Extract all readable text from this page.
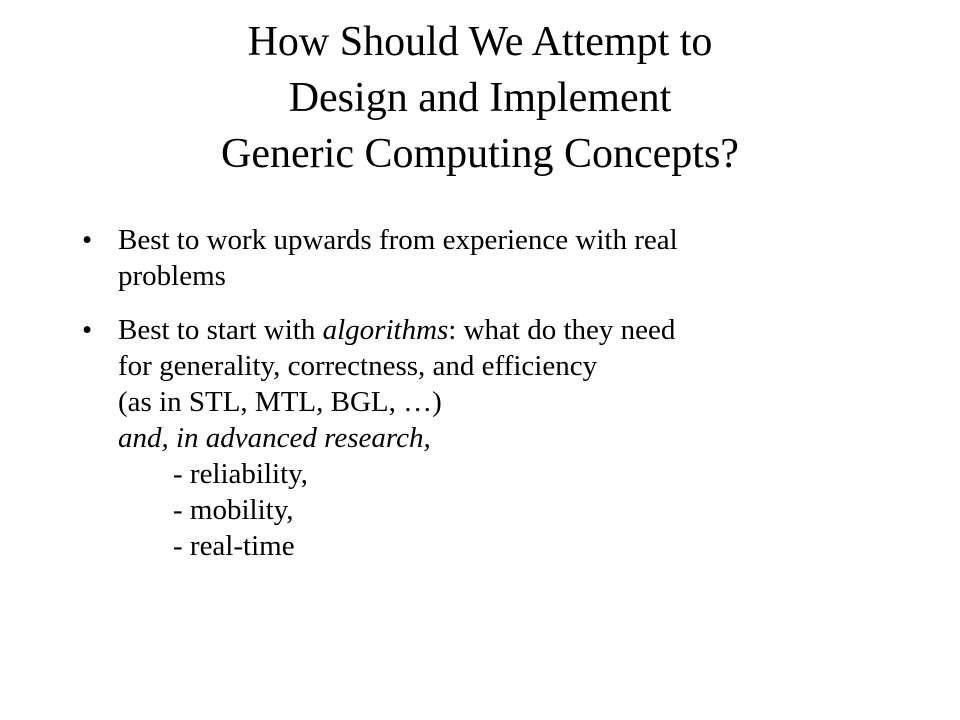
How Should We Attempt to
Design and Implement
Generic Computing Concepts?
• Best to work upwards from experience with real
problems
• Best to start with algorithms: what do they need
for generality, correctness, and efficiency
(as in STL, MTL, BGL, …)
and, in advanced research,
- reliability,
- mobility,
- real-time
